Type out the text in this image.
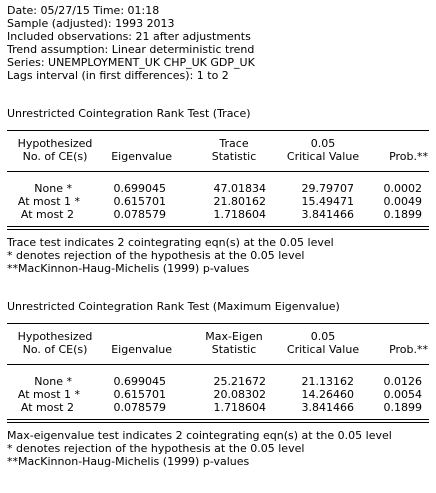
Date: 05/27/15 Time: 01:18
Sample (adjusted): 1993 2013
Included observations: 21 after adjustments
Trend assumption: Linear deterministic trend
Series: UNEMPLOYMENT_UK CHP_UK GDP_UK
Lags interval (in first differences): 1 to 2
Unrestricted Cointegration Rank Test (Trace)
Hypothesized
No. of CE(s)	Eigenvalue
Trace
Statistic
0.05
Critical Value	Prob.**
None *	0.699045	47.01834	29.79707	0.0002
At most 1 *	0.615701	21.80162	15.49471	0.0049
At most 2	0.078579	1.718604	3.841466	0.1899
Trace test indicates 2 cointegrating eqn(s) at the 0.05 level
* denotes rejection of the hypothesis at the 0.05 level
**MacKinnon-Haug-Michelis (1999) p-values
Unrestricted Cointegration Rank Test (Maximum Eigenvalue)
Hypothesized
No. of CE(s)	Eigenvalue
Max-Eigen
Statistic
0.05
Critical Value	Prob.**
None *	0.699045	25.21672	21.13162	0.0126
At most 1 *	0.615701	20.08302	14.26460	0.0054
At most 2	0.078579	1.718604	3.841466	0.1899
Max-eigenvalue test indicates 2 cointegrating eqn(s) at the 0.05 level
* denotes rejection of the hypothesis at the 0.05 level
**MacKinnon-Haug-Michelis (1999) p-values
